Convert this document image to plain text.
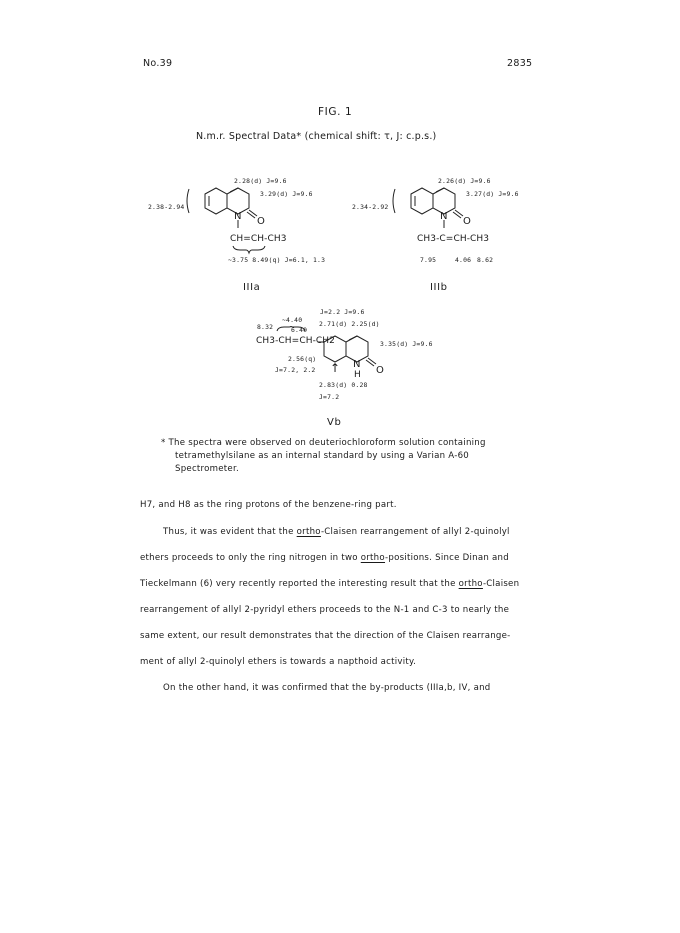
No.39	2835
FIG. 1
N.m.r. Spectral Data* (chemical shift: τ, J: c.p.s.)
2.28(d) J=9.6
3.29(d) J=9.6
2.38-2.94
N O
CH=CH-CH3
~3.75 8.49(q) J=6.1, 1.3
IIIa
2.26(d) J=9.6
3.27(d) J=9.6
2.34-2.92
N O
CH3-C=CH-CH3
7.95	4.06 8.62
IIIb
J=2.2 J=9.6
8.32
~4.40
6.40
2.71(d) 2.25(d)
CH3-CH=CH-CH2
N
O
3.35(d) J=9.6
2.56(q)
J=7.2, 2.2 ↑ H
2.83(d) 0.28
J=7.2
Vb
* The spectra were observed on deuteriochloroform solution containing
tetramethylsilane as an internal standard by using a Varian A-60
Spectrometer.
H7, and H8 as the ring protons of the benzene-ring part.
Thus, it was evident that the ortho-Claisen rearrangement of allyl 2-quinolyl
ethers proceeds to only the ring nitrogen in two ortho-positions. Since Dinan and
Tieckelmann (6) very recently reported the interesting result that the ortho-Claisen
rearrangement of allyl 2-pyridyl ethers proceeds to the N-1 and C-3 to nearly the
same extent, our result demonstrates that the direction of the Claisen rearrange-
ment of allyl 2-quinolyl ethers is towards a napthoid activity.
On the other hand, it was confirmed that the by-products (IIIa,b, IV, and
